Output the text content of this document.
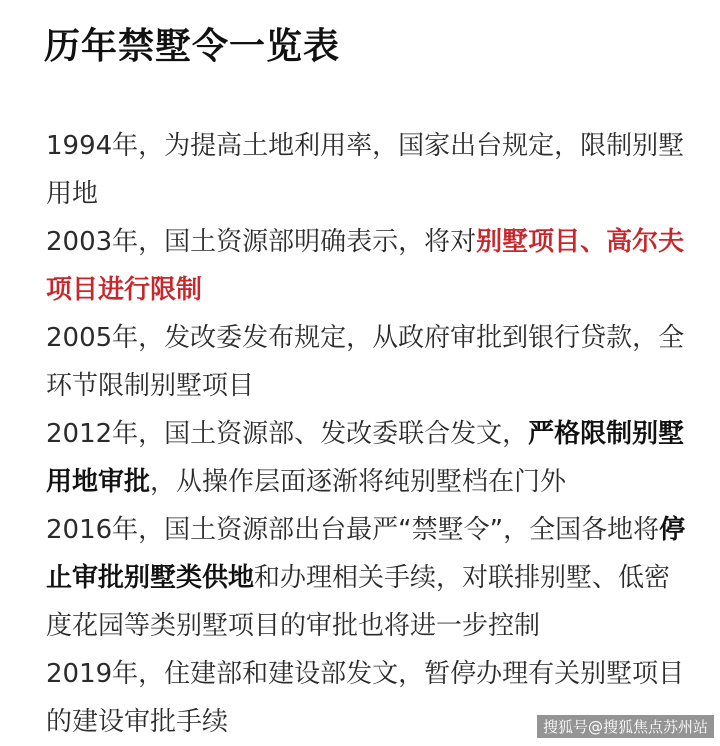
历年禁墅令一览表

1994年，为提高土地利用率，国家出台规定，限制别墅用地

2003年，国土资源部明确表示，将对别墅项目、高尔夫项目进行限制

2005年，发改委发布规定，从政府审批到银行贷款，全环节限制别墅项目

2012年，国土资源部、发改委联合发文，严格限制别墅用地审批，从操作层面逐渐将纯别墅档在门外

2016年，国土资源部出台最严“禁墅令”，全国各地将停止审批别墅类供地和办理相关手续，对联排别墅、低密度花园等类别墅项目的审批也将进一步控制

2019年，住建部和建设部发文，暂停办理有关别墅项目的建设审批手续	搜狐号@搜狐焦点苏州站
